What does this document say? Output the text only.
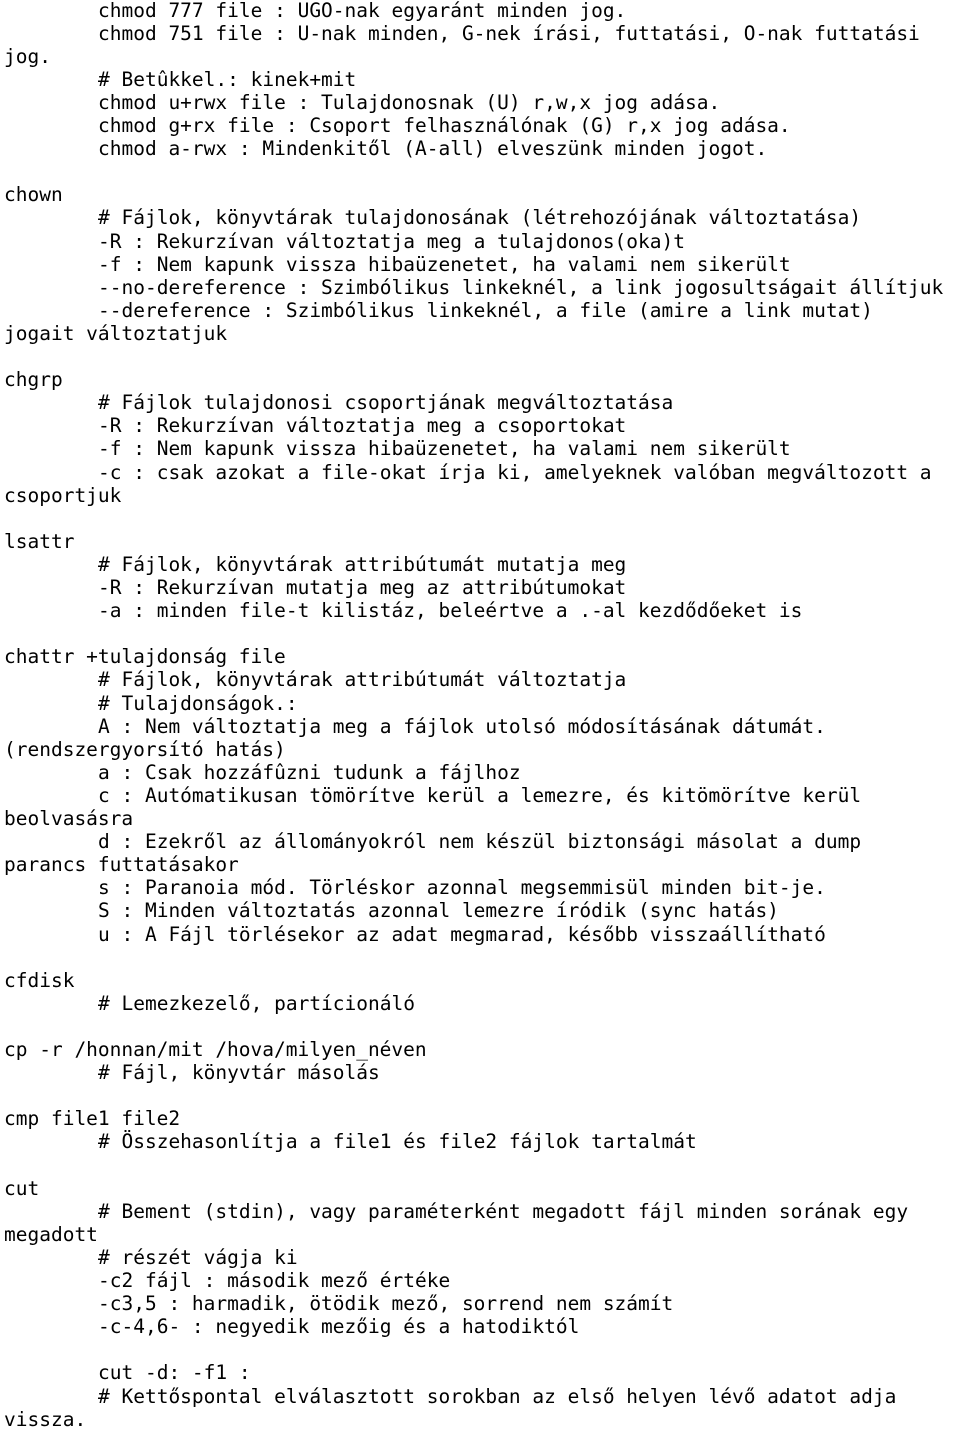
chmod 777 file : UGO-nak egyaránt minden jog.
chmod 751 file : U-nak minden, G-nek írási, futtatási, O-nak futtatási
jog.
# Betûkkel.: kinek+mit
chmod u+rwx file : Tulajdonosnak (U) r,w,x jog adása.
chmod g+rx file : Csoport felhasználónak (G) r,x jog adása.
chmod a-rwx : Mindenkitől (A-all) elveszünk minden jogot.
chown
# Fájlok, könyvtárak tulajdonosának (létrehozójának változtatása)
-R : Rekurzívan változtatja meg a tulajdonos(oka)t
-f : Nem kapunk vissza hibaüzenetet, ha valami nem sikerült
--no-dereference : Szimbólikus linkeknél, a link jogosultságait állítjuk
--dereference : Szimbólikus linkeknél, a file (amire a link mutat)
jogait változtatjuk
chgrp
# Fájlok tulajdonosi csoportjának megváltoztatása
-R : Rekurzívan változtatja meg a csoportokat
-f : Nem kapunk vissza hibaüzenetet, ha valami nem sikerült
-c : csak azokat a file-okat írja ki, amelyeknek valóban megváltozott a
csoportjuk
lsattr
# Fájlok, könyvtárak attribútumát mutatja meg
-R : Rekurzívan mutatja meg az attribútumokat
-a : minden file-t kilistáz, beleértve a .-al kezdődőeket is
chattr +tulajdonság file
# Fájlok, könyvtárak attribútumát változtatja
# Tulajdonságok.:
A : Nem változtatja meg a fájlok utolsó módosításának dátumát.
(rendszergyorsító hatás)
a : Csak hozzáfûzni tudunk a fájlhoz
c : Autómatikusan tömörítve kerül a lemezre, és kitömörítve kerül
beolvasásra
d : Ezekről az állományokról nem készül biztonsági másolat a dump
parancs futtatásakor
s : Paranoia mód. Törléskor azonnal megsemmisül minden bit-je.
S : Minden változtatás azonnal lemezre íródik (sync hatás)
u : A Fájl törlésekor az adat megmarad, később visszaállítható
cfdisk
# Lemezkezelő, partícionáló
cp -r /honnan/mit /hova/milyen_néven
# Fájl, könyvtár másolás
cmp file1 file2
# Összehasonlítja a file1 és file2 fájlok tartalmát
cut
# Bement (stdin), vagy paraméterként megadott fájl minden sorának egy
megadott
# részét vágja ki
-c2 fájl : második mező értéke
-c3,5 : harmadik, ötödik mező, sorrend nem számít
-c-4,6- : negyedik mezőig és a hatodiktól
cut -d: -f1 :
# Kettőspontal elválasztott sorokban az első helyen lévő adatot adja
vissza.
